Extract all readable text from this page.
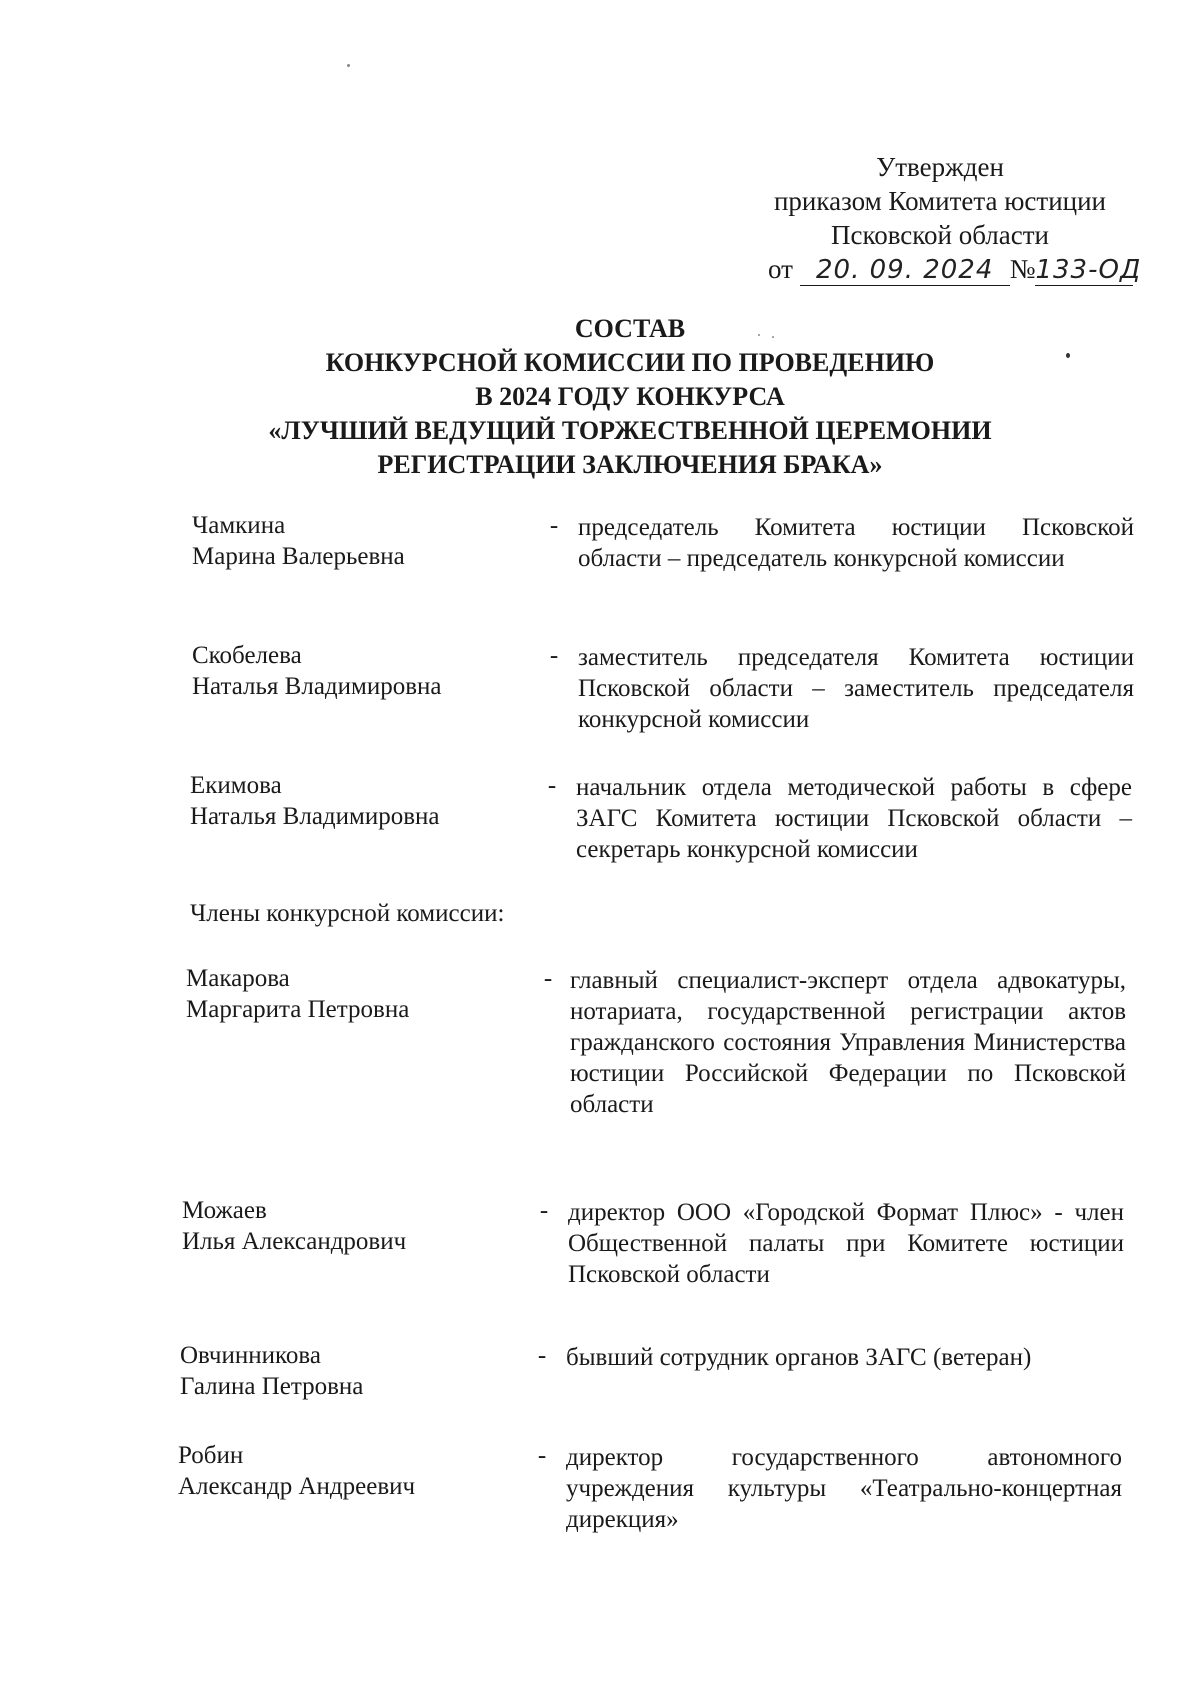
Утвержден
приказом Комитета юстиции
Псковской области
от 20. 09. 2024 №133-ОД
СОСТАВ
КОНКУРСНОЙ КОМИССИИ ПО ПРОВЕДЕНИЮ
В 2024 ГОДУ КОНКУРСА
«ЛУЧШИЙ ВЕДУЩИЙ ТОРЖЕСТВЕННОЙ ЦЕРЕМОНИИ
РЕГИСТРАЦИИ ЗАКЛЮЧЕНИЯ БРАКА»
Чамкина
Марина Валерьевна
- председатель Комитета юстиции Псковской области – председатель конкурсной комиссии
Скобелева
Наталья Владимировна
- заместитель председателя Комитета юстиции Псковской области – заместитель председателя конкурсной комиссии
Екимова
Наталья Владимировна
- начальник отдела методической работы в сфере ЗАГС Комитета юстиции Псковской области – секретарь конкурсной комиссии
Члены конкурсной комиссии:
Макарова
Маргарита Петровна
- главный специалист-эксперт отдела адвокатуры, нотариата, государственной регистрации актов гражданского состояния Управления Министерства юстиции Российской Федерации по Псковской области
Можаев
Илья Александрович
- директор ООО «Городской Формат Плюс» - член Общественной палаты при Комитете юстиции Псковской области
Овчинникова
Галина Петровна
- бывший сотрудник органов ЗАГС (ветеран)
Робин
Александр Андреевич
- директор государственного автономного учреждения культуры «Театрально-концертная дирекция»
